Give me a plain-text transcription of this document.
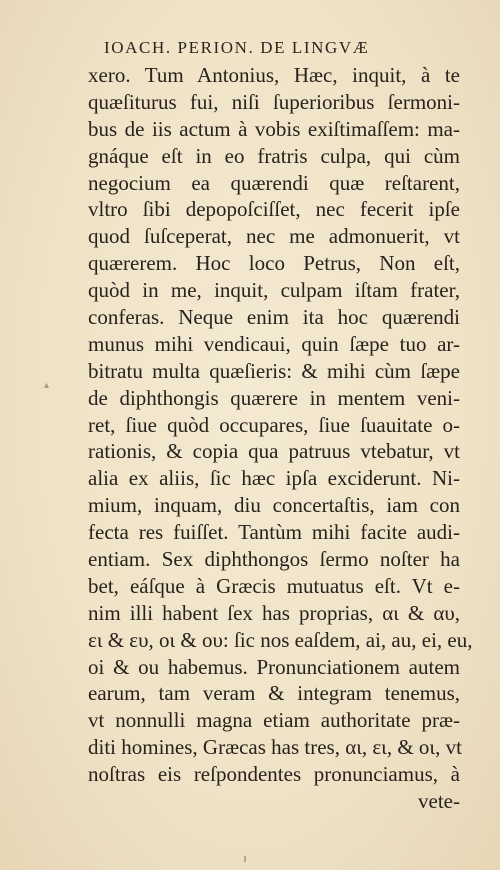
IOACH. PERION. DE LINGVÆ
▴
xero. Tum Antonius, Hæc, inquit, à te
quæſiturus fui, niſi ſuperioribus ſermoni-
bus de iis actum à vobis exiſtimaſſem: ma-
gnáque eſt in eo fratris culpa, qui cùm
negocium ea quærendi quæ reſtarent,
vltro ſibi depopoſciſſet, nec fecerit ipſe
quod ſuſceperat, nec me admonuerit, vt
quærerem. Hoc loco Petrus, Non eſt,
quòd in me, inquit, culpam iſtam frater,
conferas. Neque enim ita hoc quærendi
munus mihi vendicaui, quin ſæpe tuo ar-
bitratu multa quæſieris: & mihi cùm ſæpe
de diphthongis quærere in mentem veni-
ret, ſiue quòd occupares, ſiue ſuauitate o-
rationis, & copia qua patruus vtebatur, vt
alia ex aliis, ſic hæc ipſa exciderunt. Ni-
mium, inquam, diu concertaſtis, iam con
fecta res fuiſſet. Tantùm mihi facite audi-
entiam. Sex diphthongos ſermo noſter ha
bet, eáſque à Græcis mutuatus eſt. Vt e-
nim illi habent ſex has proprias, αι & αυ,
ει & ευ, οι & ου: ſic nos eaſdem, ai, au, ei, eu,
oi & ou habemus. Pronunciationem autem
earum, tam veram & integram tenemus,
vt nonnulli magna etiam authoritate præ-
diti homines, Græcas has tres, αι, ει, & οι, vt
noſtras eis reſpondentes pronunciamus, à
vete-
